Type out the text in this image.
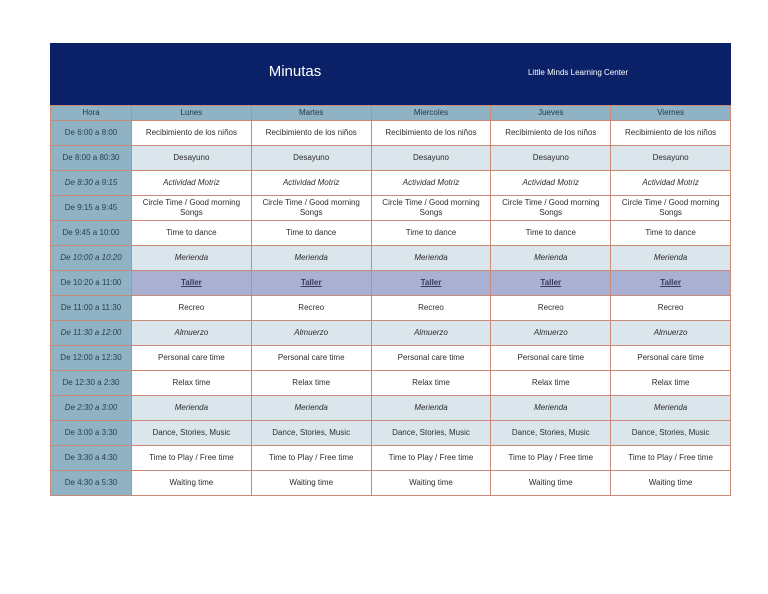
Minutas	Little Minds Learning Center
Hora	Lunes	Martes	Miercoles	Jueves	Viernes
De 6:00 a 8:00	Recibimiento de los niños	Recibimiento de los niños	Recibimiento de los niños	Recibimiento de los niños	Recibimiento de los niños
De 8:00 a 80:30	Desayuno	Desayuno	Desayuno	Desayuno	Desayuno
De 8:30 a 9:15	Actividad Motriz	Actividad Motriz	Actividad Motriz	Actividad Motriz	Actividad Motriz
De 9:15 a 9:45	Circle Time / Good morning Songs	Circle Time / Good morning Songs	Circle Time / Good morning Songs	Circle Time / Good morning Songs	Circle Time / Good morning Songs
De 9:45 a 10:00	Time to dance	Time to dance	Time to dance	Time to dance	Time to dance
De 10:00 a 10:20	Merienda	Merienda	Merienda	Merienda	Merienda
De 10:20 a 11:00	Taller	Taller	Taller	Taller	Taller
De 11:00 a 11:30	Recreo	Recreo	Recreo	Recreo	Recreo
De 11:30 a 12:00	Almuerzo	Almuerzo	Almuerzo	Almuerzo	Almuerzo
De 12:00 a 12:30	Personal care time	Personal care time	Personal care time	Personal care time	Personal care time
De 12:30 a 2:30	Relax time	Relax time	Relax time	Relax time	Relax time
De 2:30 a 3:00	Merienda	Merienda	Merienda	Merienda	Merienda
De 3:00 a 3:30	Dance, Stories, Music	Dance, Stories, Music	Dance, Stories, Music	Dance, Stories, Music	Dance, Stories, Music
De 3:30 a 4:30	Time to Play / Free time	Time to Play / Free time	Time to Play / Free time	Time to Play / Free time	Time to Play / Free time
De 4:30 a 5:30	Waiting time	Waiting time	Waiting time	Waiting time	Waiting time
